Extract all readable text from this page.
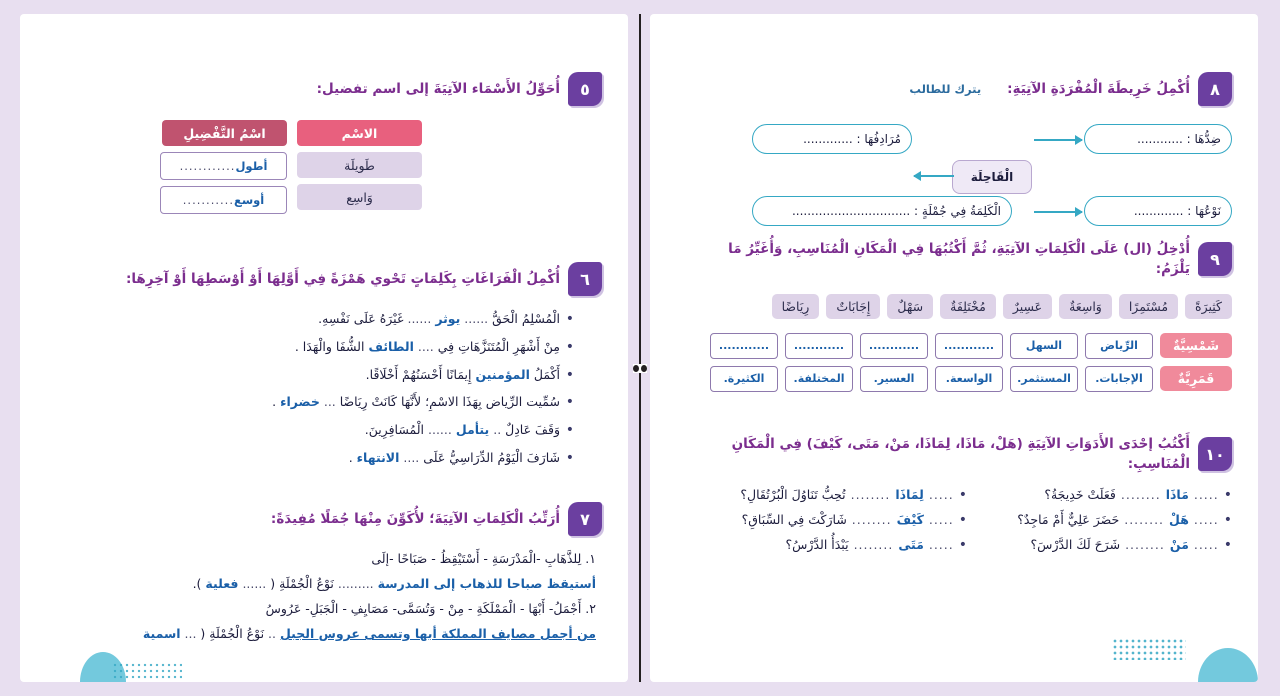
٥
أُحَوِّلُ الأَسْمَاء الآتِيَةَ إلى اسم تفضيل:
الاسْم
طَويلَة
وَاسِع
اسْمُ التَّفْضِيلِ
أطول
............
أوسع
...........
٦
أُكْمِلُ الْفَرَاغَاتِ بِكَلِمَاتٍ تَحْوي هَمْزَةً فِي أَوَّلِهَا أَوْ أَوْسَطِهَا أَوْ آخِرِهَا:
• الْمُسْلِمُ الْحَقُّ ...... يوثر ...... غَيْرَهُ عَلَى نَفْسِهِ.
• مِنْ أَشْهَرِ الْمُتَنَزَّهَاتِ فِي .... الطائف الشُّفَا والْهَدَا .
• أَكْمَلُ المؤمنين إِيمَانًا أَحْسَنُهُمْ أَخْلَاقًا.
• سُمِّيت الرِّياض بِهَذَا الاسْمِ؛ لأَنَّهَا كَانَتْ رِيَاضًا ... خضراء .
• وَقَفَ عَادِلٌ .. يتأمل ...... الْمُسَافِرِينَ.
• شَارَفَ الْيَوْمُ الدِّرَاسِيُّ عَلَى .... الانتهاء .
٧
أُرَتِّبُ الْكَلِمَاتِ الآتِيَةَ؛ لأُكَوِّنَ مِنْهَا جُمَلًا مُفِيدَةً:
١. لِلذَّهَابِ -الْمَدْرَسَةِ - أَسْتَيْقِظُ - صَبَاحًا -إلَى
أستيقظ صباحا للذهاب إلى المدرسة ......... نَوْعُ الْجُمْلَةِ ( ...... فعلية ).
٢. أَجْمَلُ- أَبْهَا - الْمَمْلَكَةِ - مِنْ - وَتُسَمَّى- مَصَايِفِ - الْجَبَلِ- عَرُوسُ
من أجمل مصايف المملكة أبها وتسمى عروس الجبل .. نَوْعُ الْجُمْلَةِ ( ... اسمية
٨
أُكْمِلُ خَرِيطَةَ الْمُفْرَدَةِ الآتِيَةِ:
يترك للطالب
الْقَاحِلَة
ضِدُّهَا : ............
نَوْعُهَا : .............
مُرَادِفُهَا : .............
الْكَلِمَةُ فِي جُمْلَةٍ : ...............................
٩
أُدْخِلُ (ال) عَلَى الْكَلِمَاتِ الآتِيَةِ، ثُمَّ أَكْتُبُهَا فِي الْمَكَانِ الْمُنَاسِبِ، وَأُغَيِّرُ مَا يَلْزَمُ:
كَثِيرَةً
مُسْتَمِرًا
وَاسِعَةٌ
عَسِيرٌ
مُخْتَلِفَةٌ
سَهْلٌ
إِجَابَاتٌ
رِيَاضًا
شَمْسِيَّةٌ
الرِّياض
السهل
............
............
............
............
قَمَرِيَّةٌ
الإجابات.
المستثمر.
الواسعة.
العسير.
المختلفة.
الكثيرة.
١٠
أَكْتُبُ إحْدَى الأَدَوَاتِ الآتِيَةِ (هَلْ، مَاذَا، لِمَاذَا، مَنْ، مَتَى، كَيْفَ) فِي الْمَكَانِ الْمُنَاسِبِ:
• .....
مَاذَا
........
فَعَلَتْ خَدِيجَةُ؟
• .....
لِمَاذَا
........
تُحِبُّ تَنَاوُلَ الْبُرْتُقَالِ؟
• .....
هَلْ
........
حَضَرَ عَلِيٌّ أَمْ مَاجِدٌ؟
• .....
كَيْفَ
........
شَارَكْتَ فِي السِّبَاقِ؟
• .....
مَنْ
........
شَرَحَ لَكَ الدَّرْسَ؟
• .....
مَتَى
........
يَبْدَأُ الدَّرْسُ؟
